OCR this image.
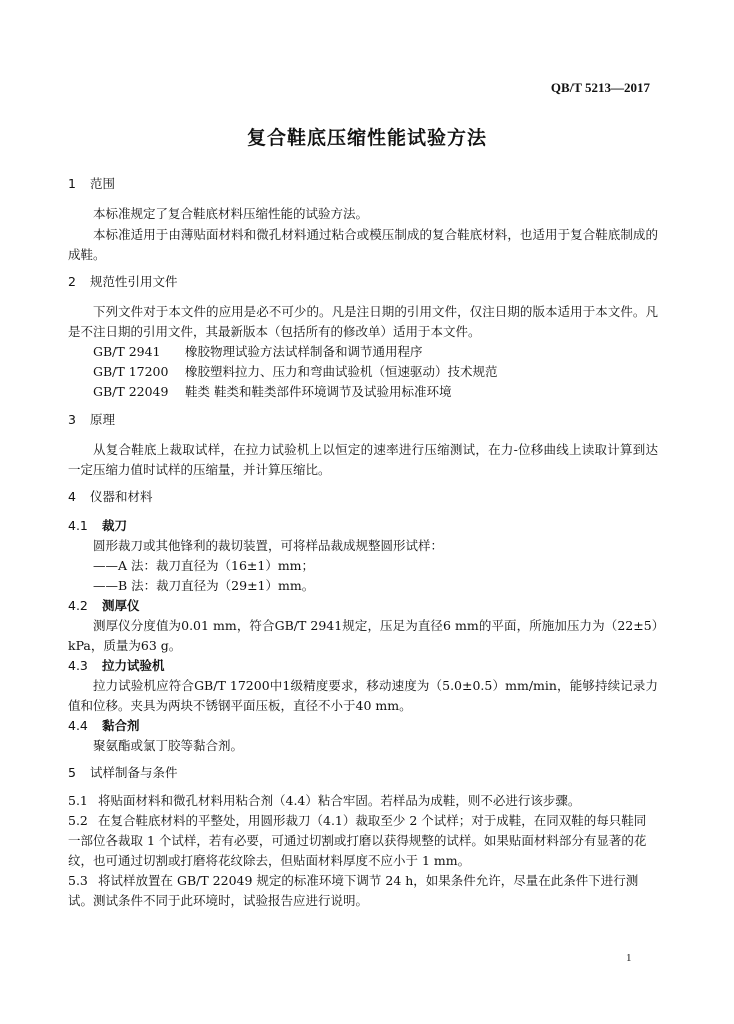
QB/T 5213—2017
复合鞋底压缩性能试验方法
1 范围
本标准规定了复合鞋底材料压缩性能的试验方法。
本标准适用于由薄贴面材料和微孔材料通过粘合或模压制成的复合鞋底材料，也适用于复合鞋底制成的成鞋。
2 规范性引用文件
下列文件对于本文件的应用是必不可少的。凡是注日期的引用文件，仅注日期的版本适用于本文件。凡是不注日期的引用文件，其最新版本（包括所有的修改单）适用于本文件。
GB/T 2941 橡胶物理试验方法试样制备和调节通用程序
GB/T 17200 橡胶塑料拉力、压力和弯曲试验机（恒速驱动）技术规范
GB/T 22049 鞋类 鞋类和鞋类部件环境调节及试验用标准环境
3 原理
从复合鞋底上裁取试样，在拉力试验机上以恒定的速率进行压缩测试，在力-位移曲线上读取计算到达一定压缩力值时试样的压缩量，并计算压缩比。
4 仪器和材料
4.1 裁刀
圆形裁刀或其他锋利的裁切装置，可将样品裁成规整圆形试样：
——A 法：裁刀直径为（16±1）mm；
——B 法：裁刀直径为（29±1）mm。
4.2 测厚仪
测厚仪分度值为0.01 mm，符合GB/T 2941规定，压足为直径6 mm的平面，所施加压力为（22±5）kPa，质量为63 g。
4.3 拉力试验机
拉力试验机应符合GB/T 17200中1级精度要求，移动速度为（5.0±0.5）mm/min，能够持续记录力值和位移。夹具为两块不锈钢平面压板，直径不小于40 mm。
4.4 黏合剂
聚氨酯或氯丁胶等黏合剂。
5 试样制备与条件
5.1 将贴面材料和微孔材料用粘合剂（4.4）粘合牢固。若样品为成鞋，则不必进行该步骤。
5.2 在复合鞋底材料的平整处，用圆形裁刀（4.1）裁取至少 2 个试样；对于成鞋，在同双鞋的每只鞋同一部位各裁取 1 个试样，若有必要，可通过切割或打磨以获得规整的试样。如果贴面材料部分有显著的花纹，也可通过切割或打磨将花纹除去，但贴面材料厚度不应小于 1 mm。
5.3 将试样放置在 GB/T 22049 规定的标准环境下调节 24 h，如果条件允许，尽量在此条件下进行测试。测试条件不同于此环境时，试验报告应进行说明。
1
